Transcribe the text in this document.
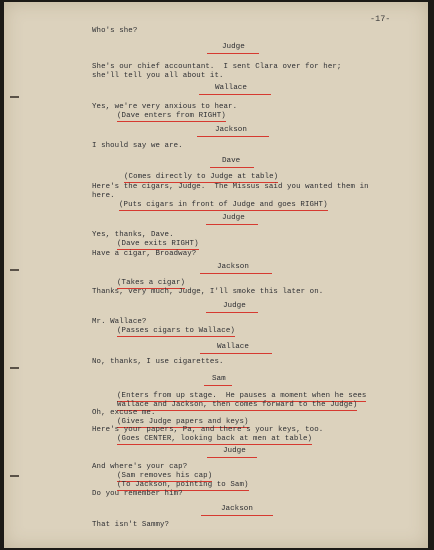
-17-
Judge
Wallace
Jackson
Dave
Judge
Jackson
Judge
Wallace
Sam
Judge
Jackson
Who's she?
She's our chief accountant.  I sent Clara over for her;
she'll tell you all about it.
Yes, we're very anxious to hear.
(Dave enters from RIGHT)
I should say we are.
(Comes directly to Judge at table)
Here's the cigars, Judge.  The Missus said you wanted them in
here.
(Puts cigars in front of Judge and goes RIGHT)
Yes, thanks, Dave.
(Dave exits RIGHT)
Have a cigar, Broadway?
(Takes a cigar)
Thanks, very much, Judge, I'll smoke this later on.
Mr. Wallace?
(Passes cigars to Wallace)
No, thanks, I use cigarettes.
(Enters from up stage.  He pauses a moment when he sees
Wallace and Jackson, then comes forward to the Judge)
Oh, excuse me.
(Gives Judge papers and keys)
Here's your papers, Pa, and there's your keys, too.
(Goes CENTER, looking back at men at table)
And where's your cap?
(Sam removes his cap)
(To Jackson, pointing to Sam)
Do you remember him?
That isn't Sammy?
